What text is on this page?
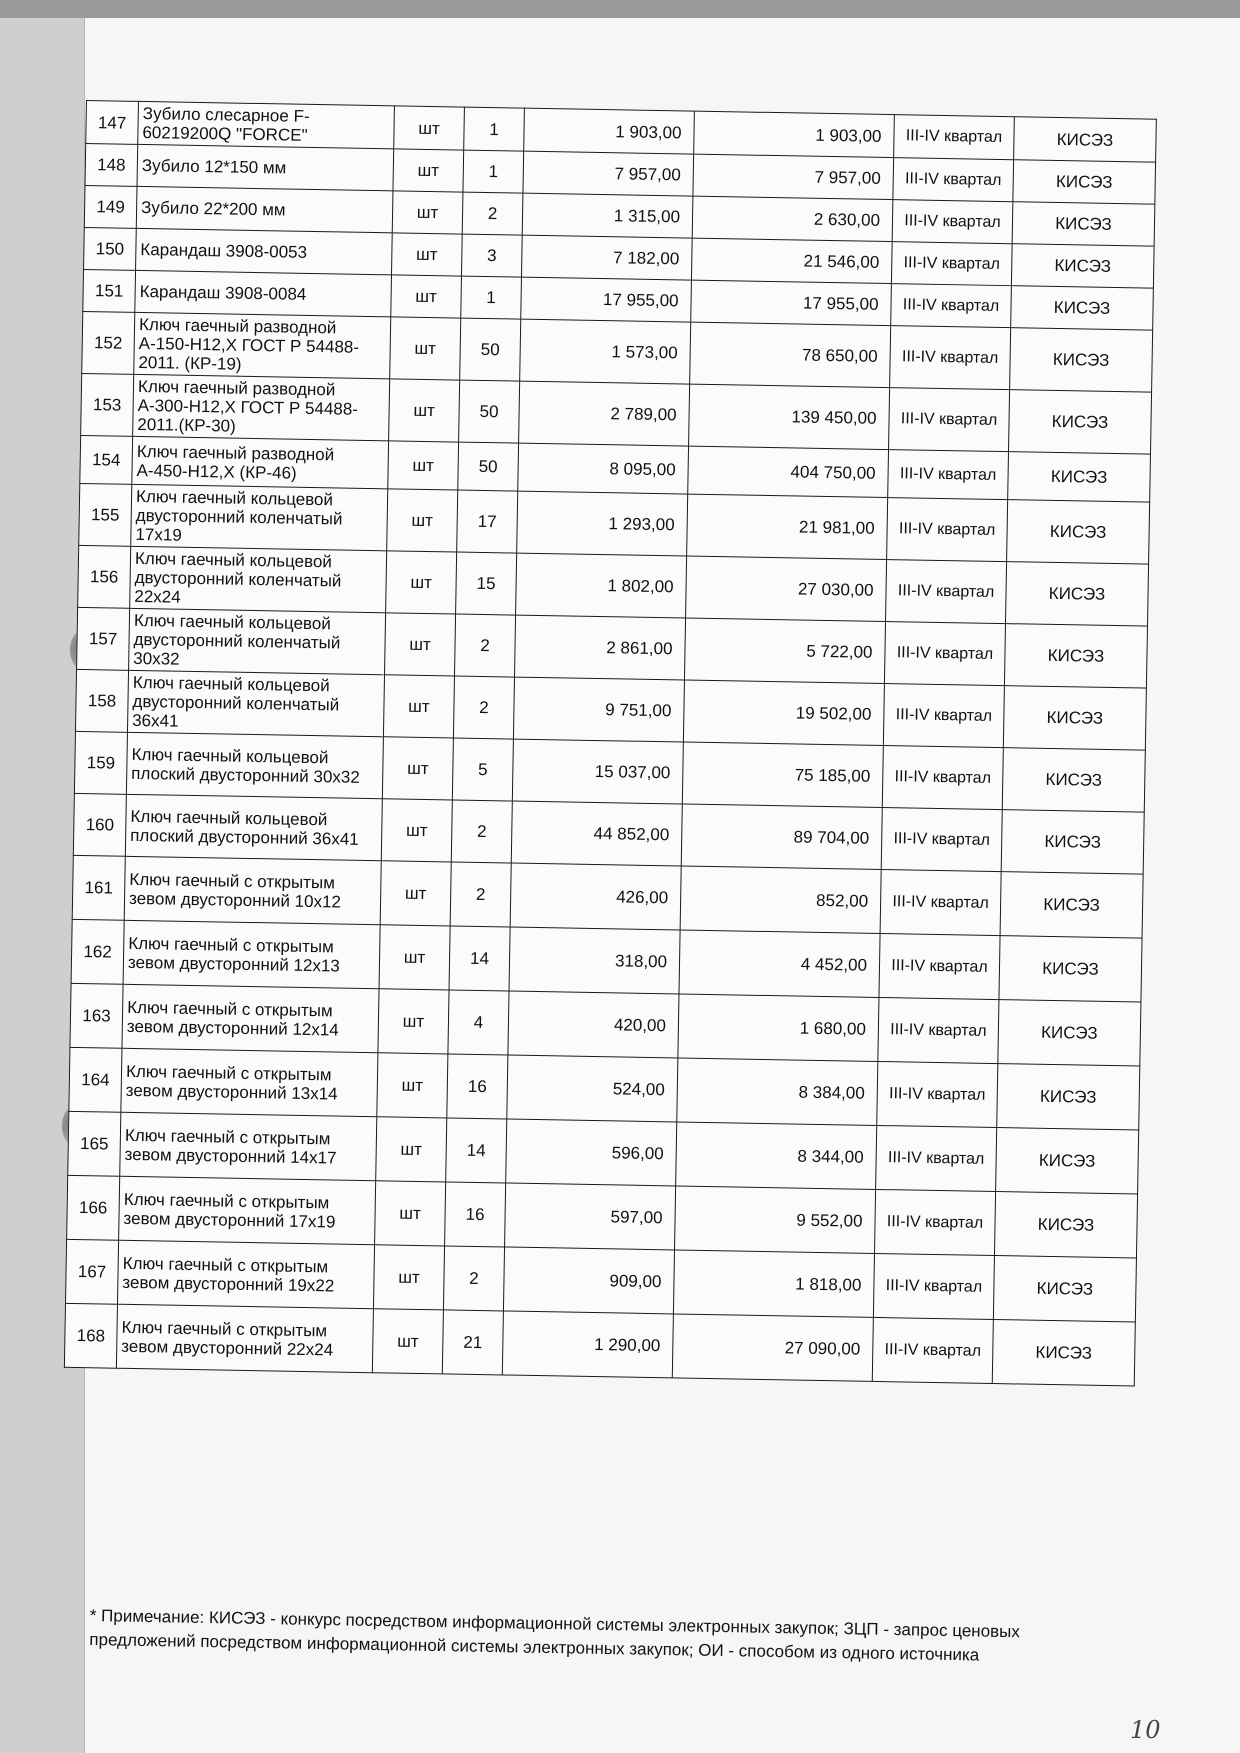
147	Зубило слесарное F-60219200Q "FORCE"	шт	1	1 903,00	1 903,00	III-IV квартал	КИСЭЗ
148	Зубило 12*150 мм	шт	1	7 957,00	7 957,00	III-IV квартал	КИСЭЗ
149	Зубило 22*200 мм	шт	2	1 315,00	2 630,00	III-IV квартал	КИСЭЗ
150	Карандаш 3908-0053	шт	3	7 182,00	21 546,00	III-IV квартал	КИСЭЗ
151	Карандаш 3908-0084	шт	1	17 955,00	17 955,00	III-IV квартал	КИСЭЗ
152	Ключ гаечный разводной А-150-Н12,Х ГОСТ Р 54488-2011. (КР-19)	шт	50	1 573,00	78 650,00	III-IV квартал	КИСЭЗ
153	Ключ гаечный разводной А-300-Н12,Х ГОСТ Р 54488-2011.(КР-30)	шт	50	2 789,00	139 450,00	III-IV квартал	КИСЭЗ
154	Ключ гаечный разводной А-450-Н12,Х (КР-46)	шт	50	8 095,00	404 750,00	III-IV квартал	КИСЭЗ
155	Ключ гаечный кольцевой двусторонний коленчатый 17х19	шт	17	1 293,00	21 981,00	III-IV квартал	КИСЭЗ
156	Ключ гаечный кольцевой двусторонний коленчатый 22х24	шт	15	1 802,00	27 030,00	III-IV квартал	КИСЭЗ
157	Ключ гаечный кольцевой двусторонний коленчатый 30х32	шт	2	2 861,00	5 722,00	III-IV квартал	КИСЭЗ
158	Ключ гаечный кольцевой двусторонний коленчатый 36х41	шт	2	9 751,00	19 502,00	III-IV квартал	КИСЭЗ
159	Ключ гаечный кольцевой плоский двусторонний 30х32	шт	5	15 037,00	75 185,00	III-IV квартал	КИСЭЗ
160	Ключ гаечный кольцевой плоский двусторонний 36х41	шт	2	44 852,00	89 704,00	III-IV квартал	КИСЭЗ
161	Ключ гаечный с открытым зевом двусторонний 10х12	шт	2	426,00	852,00	III-IV квартал	КИСЭЗ
162	Ключ гаечный с открытым зевом двусторонний 12х13	шт	14	318,00	4 452,00	III-IV квартал	КИСЭЗ
163	Ключ гаечный с открытым зевом двусторонний 12х14	шт	4	420,00	1 680,00	III-IV квартал	КИСЭЗ
164	Ключ гаечный с открытым зевом двусторонний 13х14	шт	16	524,00	8 384,00	III-IV квартал	КИСЭЗ
165	Ключ гаечный с открытым зевом двусторонний 14х17	шт	14	596,00	8 344,00	III-IV квартал	КИСЭЗ
166	Ключ гаечный с открытым зевом двусторонний 17х19	шт	16	597,00	9 552,00	III-IV квартал	КИСЭЗ
167	Ключ гаечный с открытым зевом двусторонний 19х22	шт	2	909,00	1 818,00	III-IV квартал	КИСЭЗ
168	Ключ гаечный с открытым зевом двусторонний 22х24	шт	21	1 290,00	27 090,00	III-IV квартал	КИСЭЗ
* Примечание: КИСЭЗ - конкурс посредством информационной системы электронных закупок; ЗЦП - запрос ценовых предложений посредством информационной системы электронных закупок; ОИ - способом из одного источника
10
